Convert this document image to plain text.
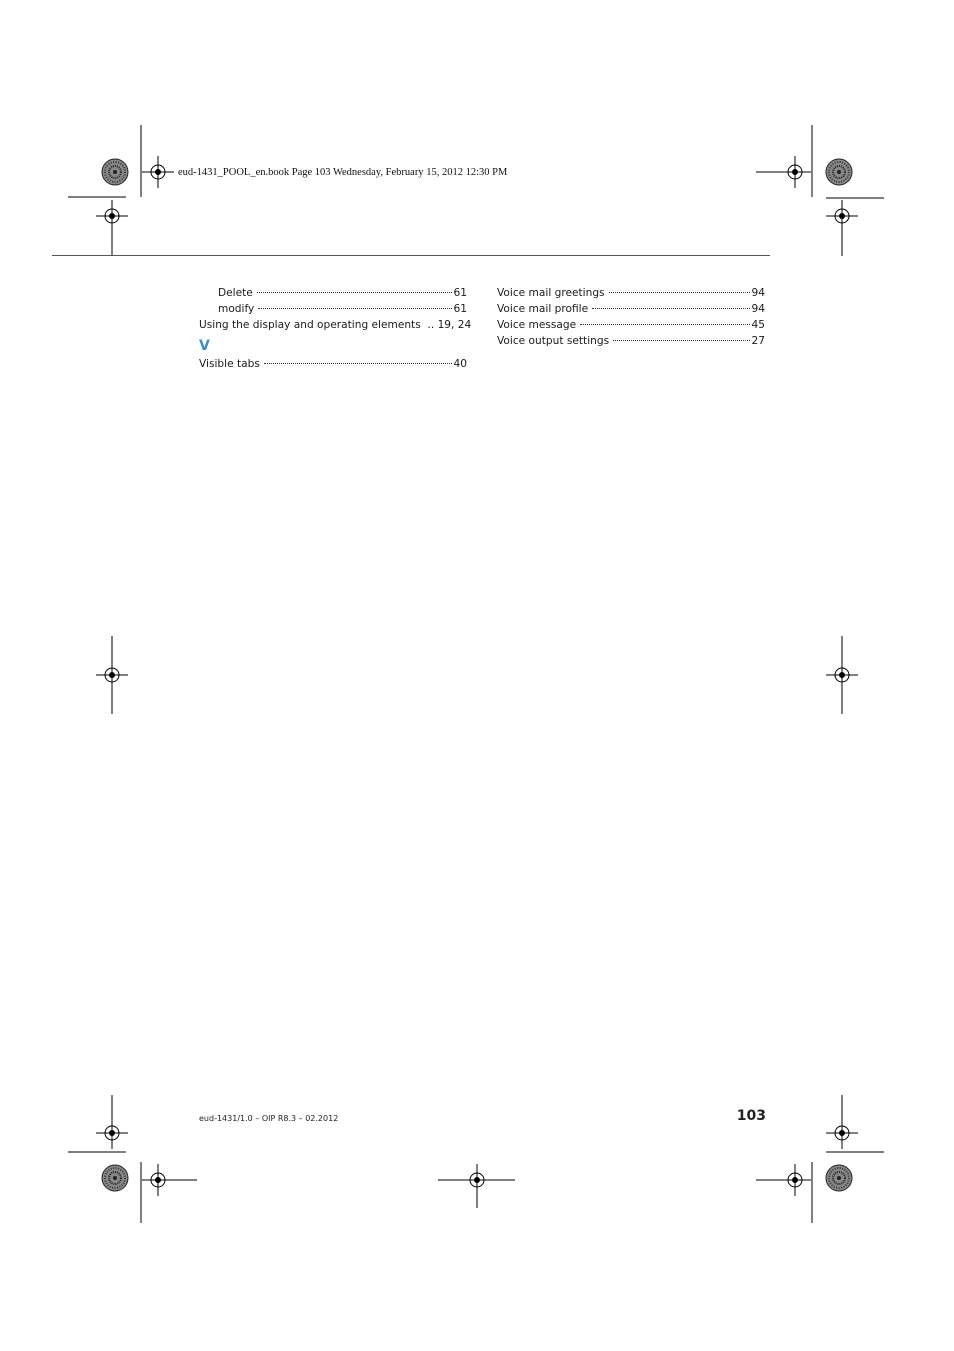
eud-1431_POOL_en.book Page 103 Wednesday, February 15, 2012 12:30 PM
Delete	61
modify	61
Using the display and operating elements  .. 19, 24
V
Visible tabs	40
Voice mail greetings	94
Voice mail profile	94
Voice message	45
Voice output settings	27
eud-1431/1.0 – OIP R8.3 – 02.2012	103
